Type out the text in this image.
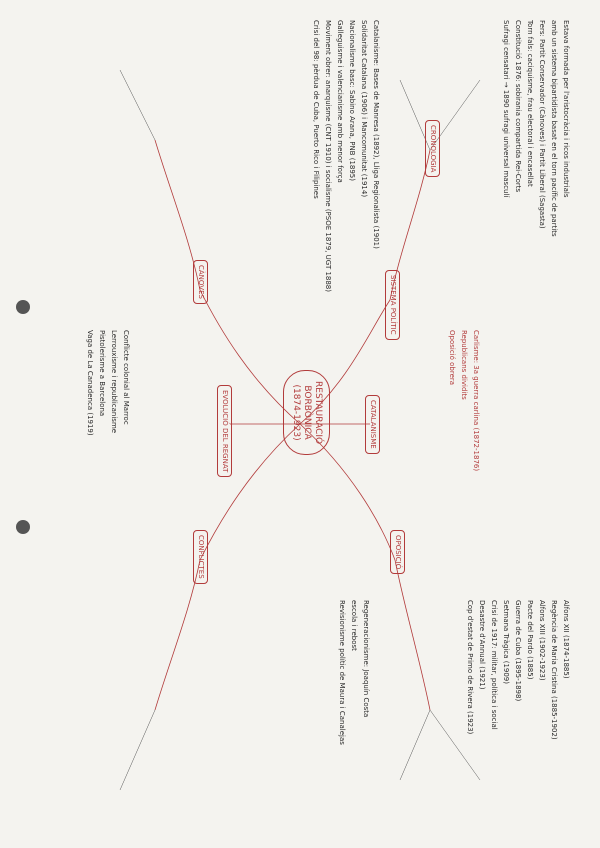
RESTAURACIÓ
BORBÒNICA
(1874-1923)
SISTEMA POLÍTIC
OPOSICIÓ
CÀNOVES
CONFLICTES
CATALANISME
EVOLUCIÓ DEL REGNAT
CRONOLOGIA	Estava formada per l'aristocràcia i ricos industrials
amb un sistema bipartidista basat en el torn pacífic de partits
Fers: Partit Conservador (Cànoves) i Partit Liberal (Sagasta)
Torn fals: caciquisme, frau electoral i encasellat
Constitució 1876: sobirania compartida Rei-Corts
Sufragi censatari → 1890 sufragi universal masculí
Catalanisme: Bases de Manresa (1892), Lliga Regionalista (1901)
Solidaritat Catalana (1906) i Mancomunitat (1914)
Nacionalisme basc: Sabino Arana, PNB (1895)
Galleguisme i valencianisme amb menor força
Moviment obrer: anarquisme (CNT 1910) i socialisme (PSOE 1879, UGT 1888)
Crisi del 98: pèrdua de Cuba, Puerto Rico i Filipines
Alfons XII (1874-1885)
Regència de Maria Cristina (1885-1902)
Alfons XIII (1902-1923)
Pacte del Pardo (1885)
Guerra de Cuba (1895-1898)
Setmana Tràgica (1909)
Crisi de 1917: militar, política i social
Desastre d'Annual (1921)
Cop d'estat de Primo de Rivera (1923)
Regeneracionisme: Joaquín Costa
escola i rebost
Revisionisme polític de Maura i Canalejas
Conflicte colonial al Marroc
Lerrouxisme i republicanisme
Pistolerisme a Barcelona
Vaga de La Canadenca (1919)	Carlisme: 3a guerra carlina (1872-1876)
Republicans dividits
Oposició obrera
